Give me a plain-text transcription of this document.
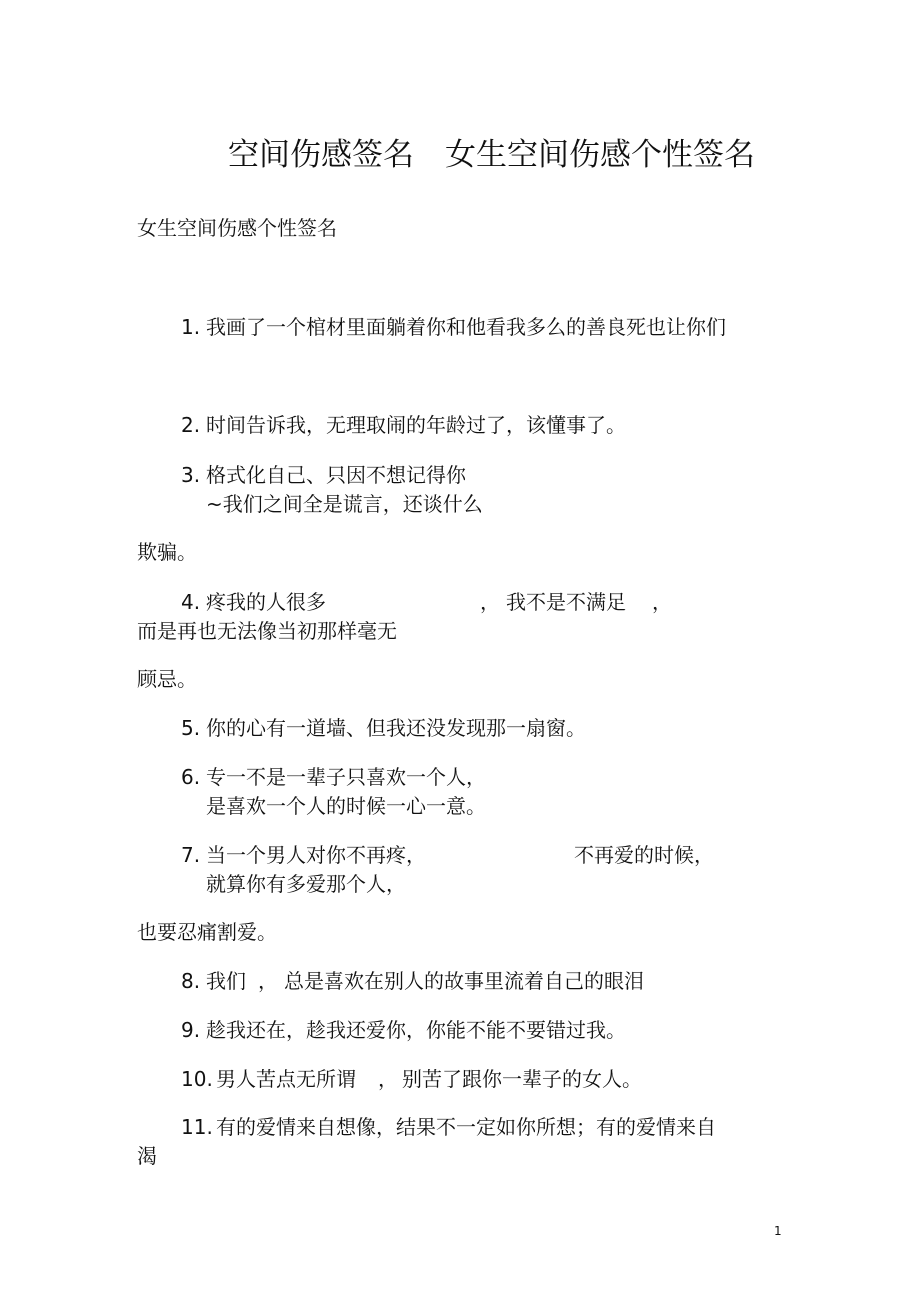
空间伤感签名　女生空间伤感个性签名
女生空间伤感个性签名
1. 我画了一个棺材里面躺着你和他看我多么的善良死也让你们
2. 时间告诉我，无理取闹的年龄过了，该懂事了。
3. 格式化自己、只因不想记得你
~我们之间全是谎言，还谈什么
欺骗。
4. 疼我的人很多	， 我不是不满足 ，
而是再也无法像当初那样毫无
顾忌。
5. 你的心有一道墙、但我还没发现那一扇窗。
6. 专一不是一辈子只喜欢一个人，
是喜欢一个人的时候一心一意。
7. 当一个男人对你不再疼，	不再爱的时候，
就算你有多爱那个人，
也要忍痛割爱。
8. 我们 ， 总是喜欢在别人的故事里流着自己的眼泪
9. 趁我还在，趁我还爱你，你能不能不要错过我。
10. 男人苦点无所谓 ， 别苦了跟你一辈子的女人。
11. 有的爱情来自想像，结果不一定如你所想；有的爱情来自
渴
1
